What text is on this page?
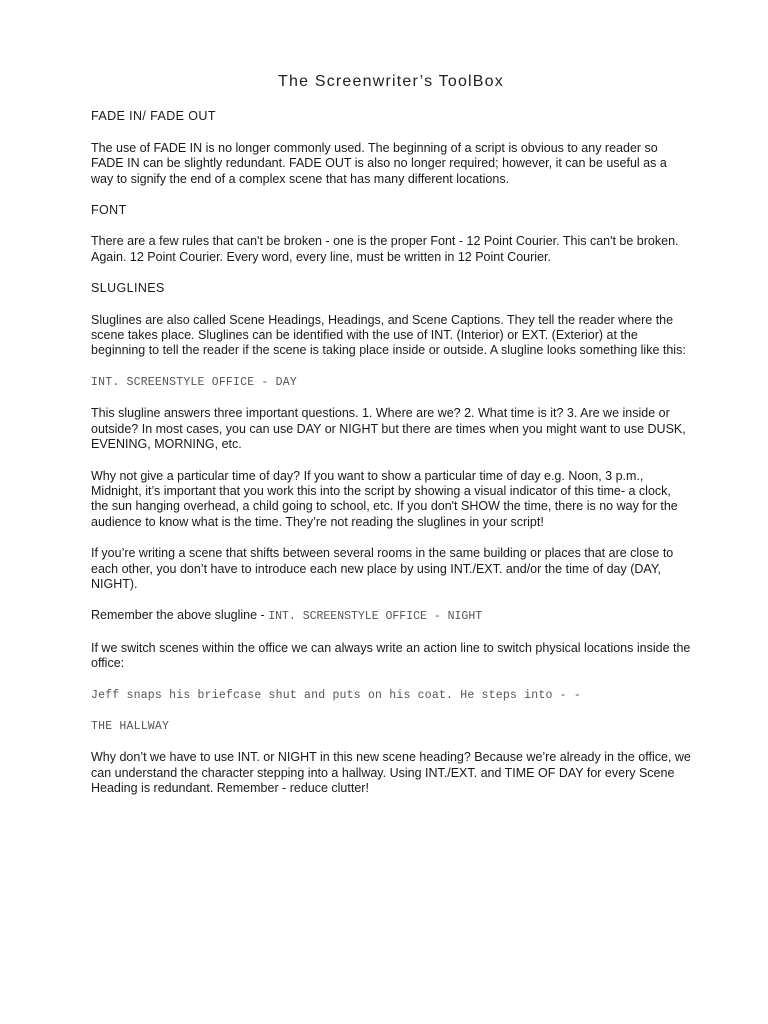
The Screenwriter’s ToolBox
FADE IN/ FADE OUT

The use of FADE IN is no longer commonly used. The beginning of a script is obvious to any reader so FADE IN can be slightly redundant. FADE OUT is also no longer required; however, it can be useful as a way to signify the end of a complex scene that has many different locations.

FONT

There are a few rules that can't be broken - one is the proper Font - 12 Point Courier. This can't be broken. Again. 12 Point Courier. Every word, every line, must be written in 12 Point Courier.

SLUGLINES

Sluglines are also called Scene Headings, Headings, and Scene Captions. They tell the reader where the scene takes place. Sluglines can be identified with the use of INT. (Interior) or EXT. (Exterior) at the beginning to tell the reader if the scene is taking place inside or outside. A slugline looks something like this:

INT. SCREENSTYLE OFFICE - DAY

This slugline answers three important questions. 1. Where are we? 2. What time is it? 3. Are we inside or outside? In most cases, you can use DAY or NIGHT but there are times when you might want to use DUSK, EVENING, MORNING, etc.

Why not give a particular time of day? If you want to show a particular time of day e.g. Noon, 3 p.m., Midnight, it’s important that you work this into the script by showing a visual indicator of this time- a clock, the sun hanging overhead, a child going to school, etc. If you don't SHOW the time, there is no way for the audience to know what is the time. They’re not reading the sluglines in your script!

If you’re writing a scene that shifts between several rooms in the same building or places that are close to each other, you don’t have to introduce each new place by using INT./EXT. and/or the time of day (DAY, NIGHT).

Remember the above slugline - INT. SCREENSTYLE OFFICE - NIGHT

If we switch scenes within the office we can always write an action line to switch physical locations inside the office:

Jeff snaps his briefcase shut and puts on his coat. He steps into - -
THE HALLWAY

Why don’t we have to use INT. or NIGHT in this new scene heading? Because we’re already in the office, we can understand the character stepping into a hallway. Using INT./EXT. and TIME OF DAY for every Scene Heading is redundant. Remember - reduce clutter!
